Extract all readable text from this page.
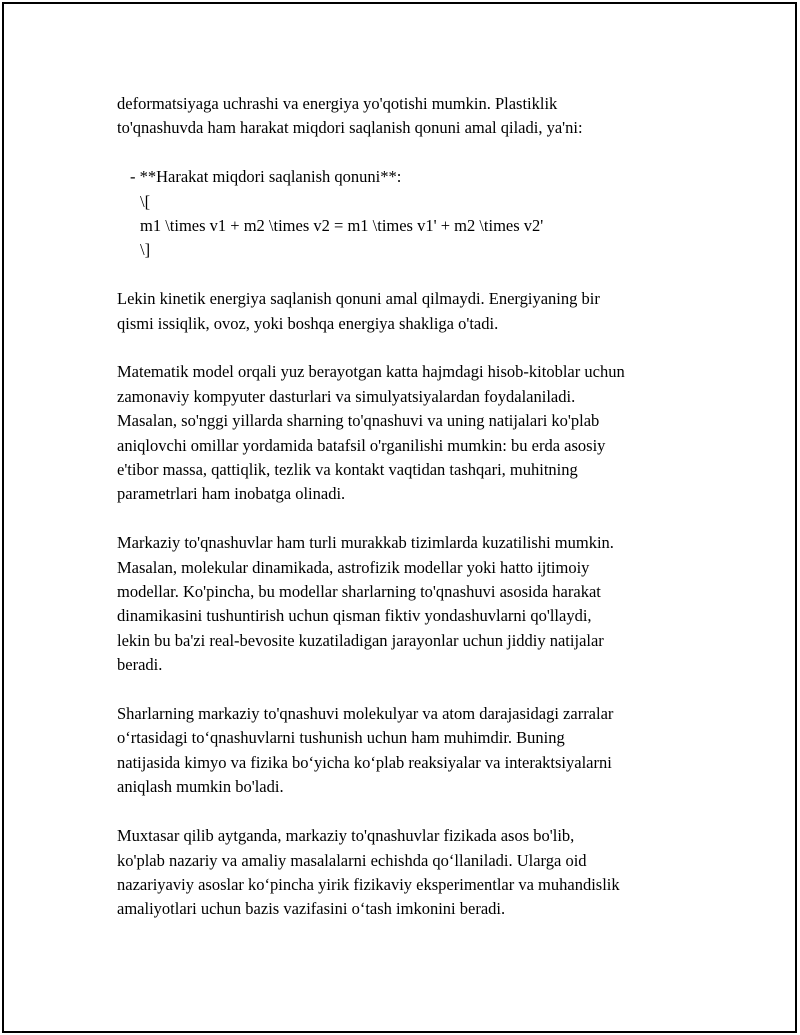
deformatsiyaga uchrashi va energiya yo'qotishi mumkin. Plastiklik
to'qnashuvda ham harakat miqdori saqlanish qonuni amal qiladi, ya'ni:

- **Harakat miqdori saqlanish qonuni**:
\[
m1 \times v1 + m2 \times v2 = m1 \times v1' + m2 \times v2'
\]

Lekin kinetik energiya saqlanish qonuni amal qilmaydi. Energiyaning bir
qismi issiqlik, ovoz, yoki boshqa energiya shakliga o'tadi.

Matematik model orqali yuz berayotgan katta hajmdagi hisob-kitoblar uchun
zamonaviy kompyuter dasturlari va simulyatsiyalardan foydalaniladi.
Masalan, so'nggi yillarda sharning to'qnashuvi va uning natijalari ko'plab
aniqlovchi omillar yordamida batafsil o'rganilishi mumkin: bu erda asosiy
e'tibor massa, qattiqlik, tezlik va kontakt vaqtidan tashqari, muhitning
parametrlari ham inobatga olinadi.

Markaziy to'qnashuvlar ham turli murakkab tizimlarda kuzatilishi mumkin.
Masalan, molekular dinamikada, astrofizik modellar yoki hatto ijtimoiy
modellar. Ko'pincha, bu modellar sharlarning to'qnashuvi asosida harakat
dinamikasini tushuntirish uchun qisman fiktiv yondashuvlarni qo'llaydi,
lekin bu ba'zi real-bevosite kuzatiladigan jarayonlar uchun jiddiy natijalar
beradi.

Sharlarning markaziy to'qnashuvi molekulyar va atom darajasidagi zarralar
o‘rtasidagi to‘qnashuvlarni tushunish uchun ham muhimdir. Buning
natijasida kimyo va fizika bo‘yicha ko‘plab reaksiyalar va interaktsiyalarni
aniqlash mumkin bo'ladi.

Muxtasar qilib aytganda, markaziy to'qnashuvlar fizikada asos bo'lib,
ko'plab nazariy va amaliy masalalarni echishda qo‘llaniladi. Ularga oid
nazariyaviy asoslar ko‘pincha yirik fizikaviy eksperimentlar va muhandislik
amaliyotlari uchun bazis vazifasini o‘tash imkonini beradi.
